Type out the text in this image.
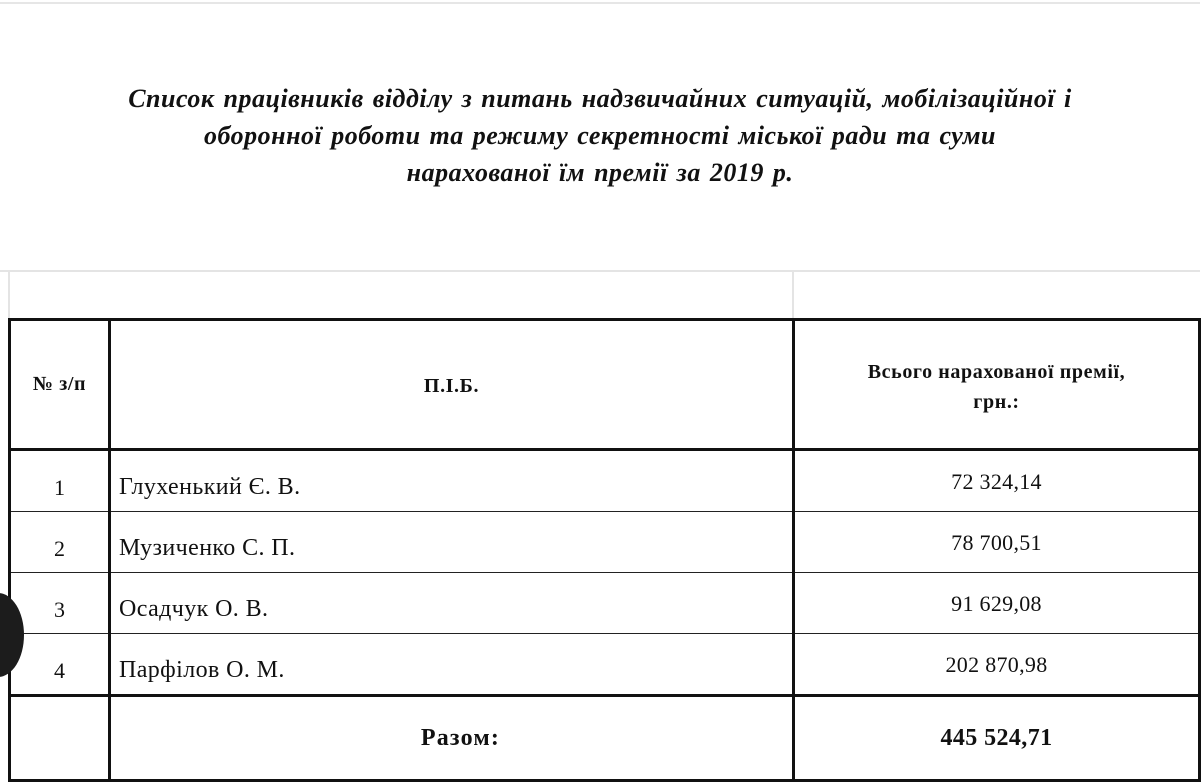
Список працівників відділу з питань надзвичайних ситуацій, мобілізаційної і
оборонної роботи та режиму секретності міської ради та суми
нарахованої їм премії за 2019 р.
№ з/п	П.І.Б.	Всього нарахованої премії,
грн.:

1	Глухенький Є. В.	72 324,14
2	Музиченко С. П.	78 700,51
3	Осадчук О. В.	91 629,08
4	Парфілов О. М.	202 870,98
	Разом:	445 524,71
